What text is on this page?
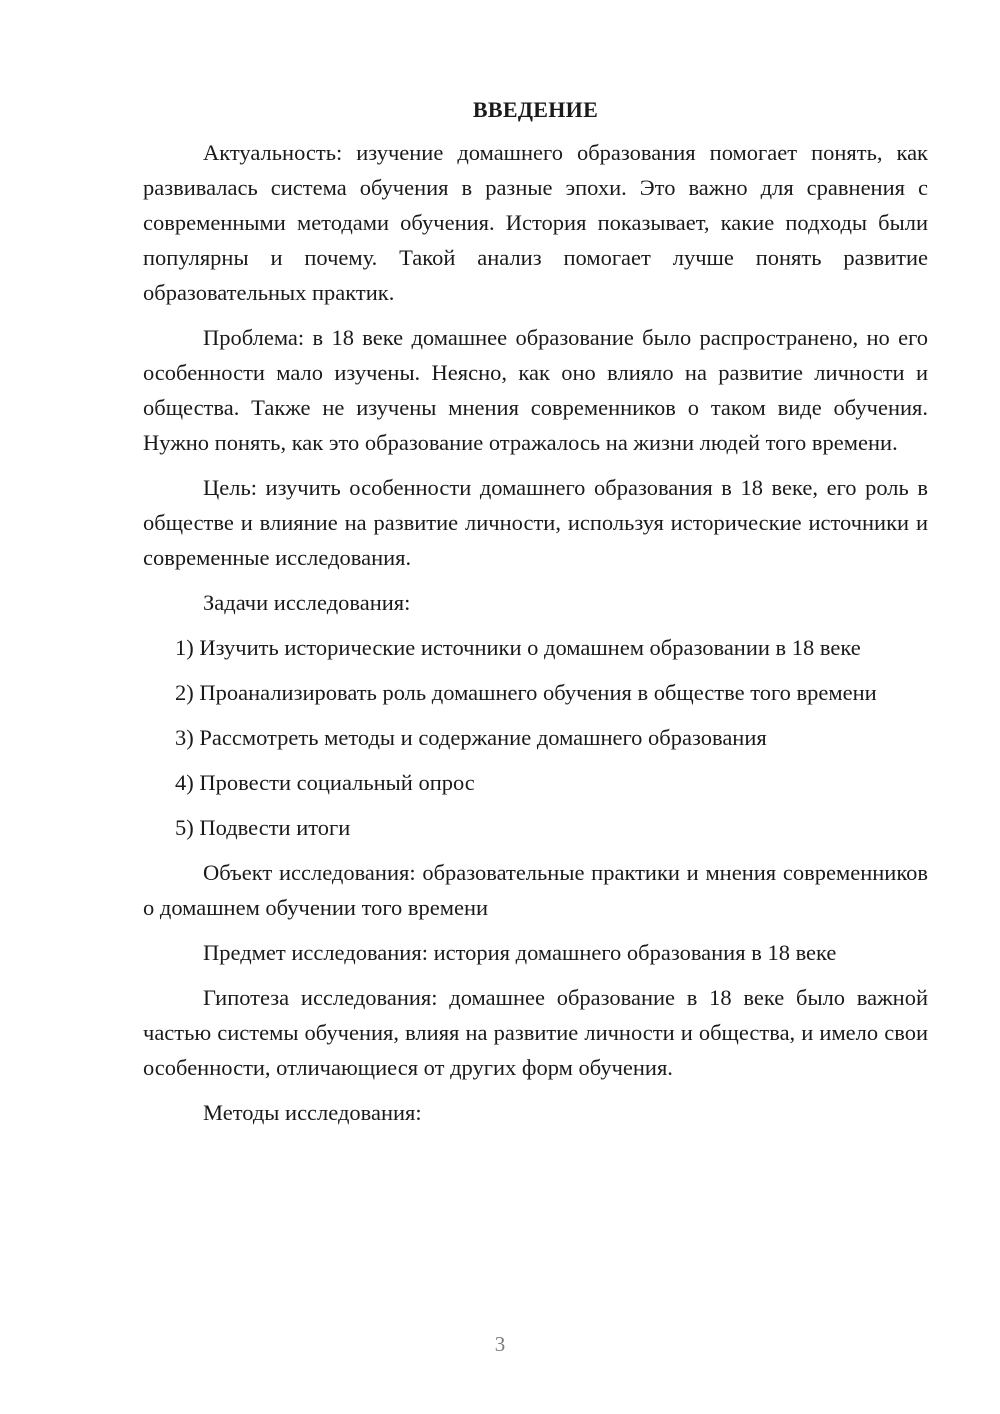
ВВЕДЕНИЕ

Актуальность: изучение домашнего образования помогает понять, как развивалась система обучения в разные эпохи. Это важно для сравнения с современными методами обучения. История показывает, какие подходы были популярны и почему. Такой анализ помогает лучше понять развитие образовательных практик.

Проблема: в 18 веке домашнее образование было распространено, но его особенности мало изучены. Неясно, как оно влияло на развитие личности и общества. Также не изучены мнения современников о таком виде обучения. Нужно понять, как это образование отражалось на жизни людей того времени.

Цель: изучить особенности домашнего образования в 18 веке, его роль в обществе и влияние на развитие личности, используя исторические источники и современные исследования.

Задачи исследования:

1) Изучить исторические источники о домашнем образовании в 18 веке

2) Проанализировать роль домашнего обучения в обществе того времени

3) Рассмотреть методы и содержание домашнего образования

4) Провести социальный опрос

5) Подвести итоги

Объект исследования: образовательные практики и мнения современников о домашнем обучении того времени

Предмет исследования: история домашнего образования в 18 веке

Гипотеза исследования: домашнее образование в 18 веке было важной частью системы обучения, влияя на развитие личности и общества, и имело свои особенности, отличающиеся от других форм обучения.

Методы исследования:

3
